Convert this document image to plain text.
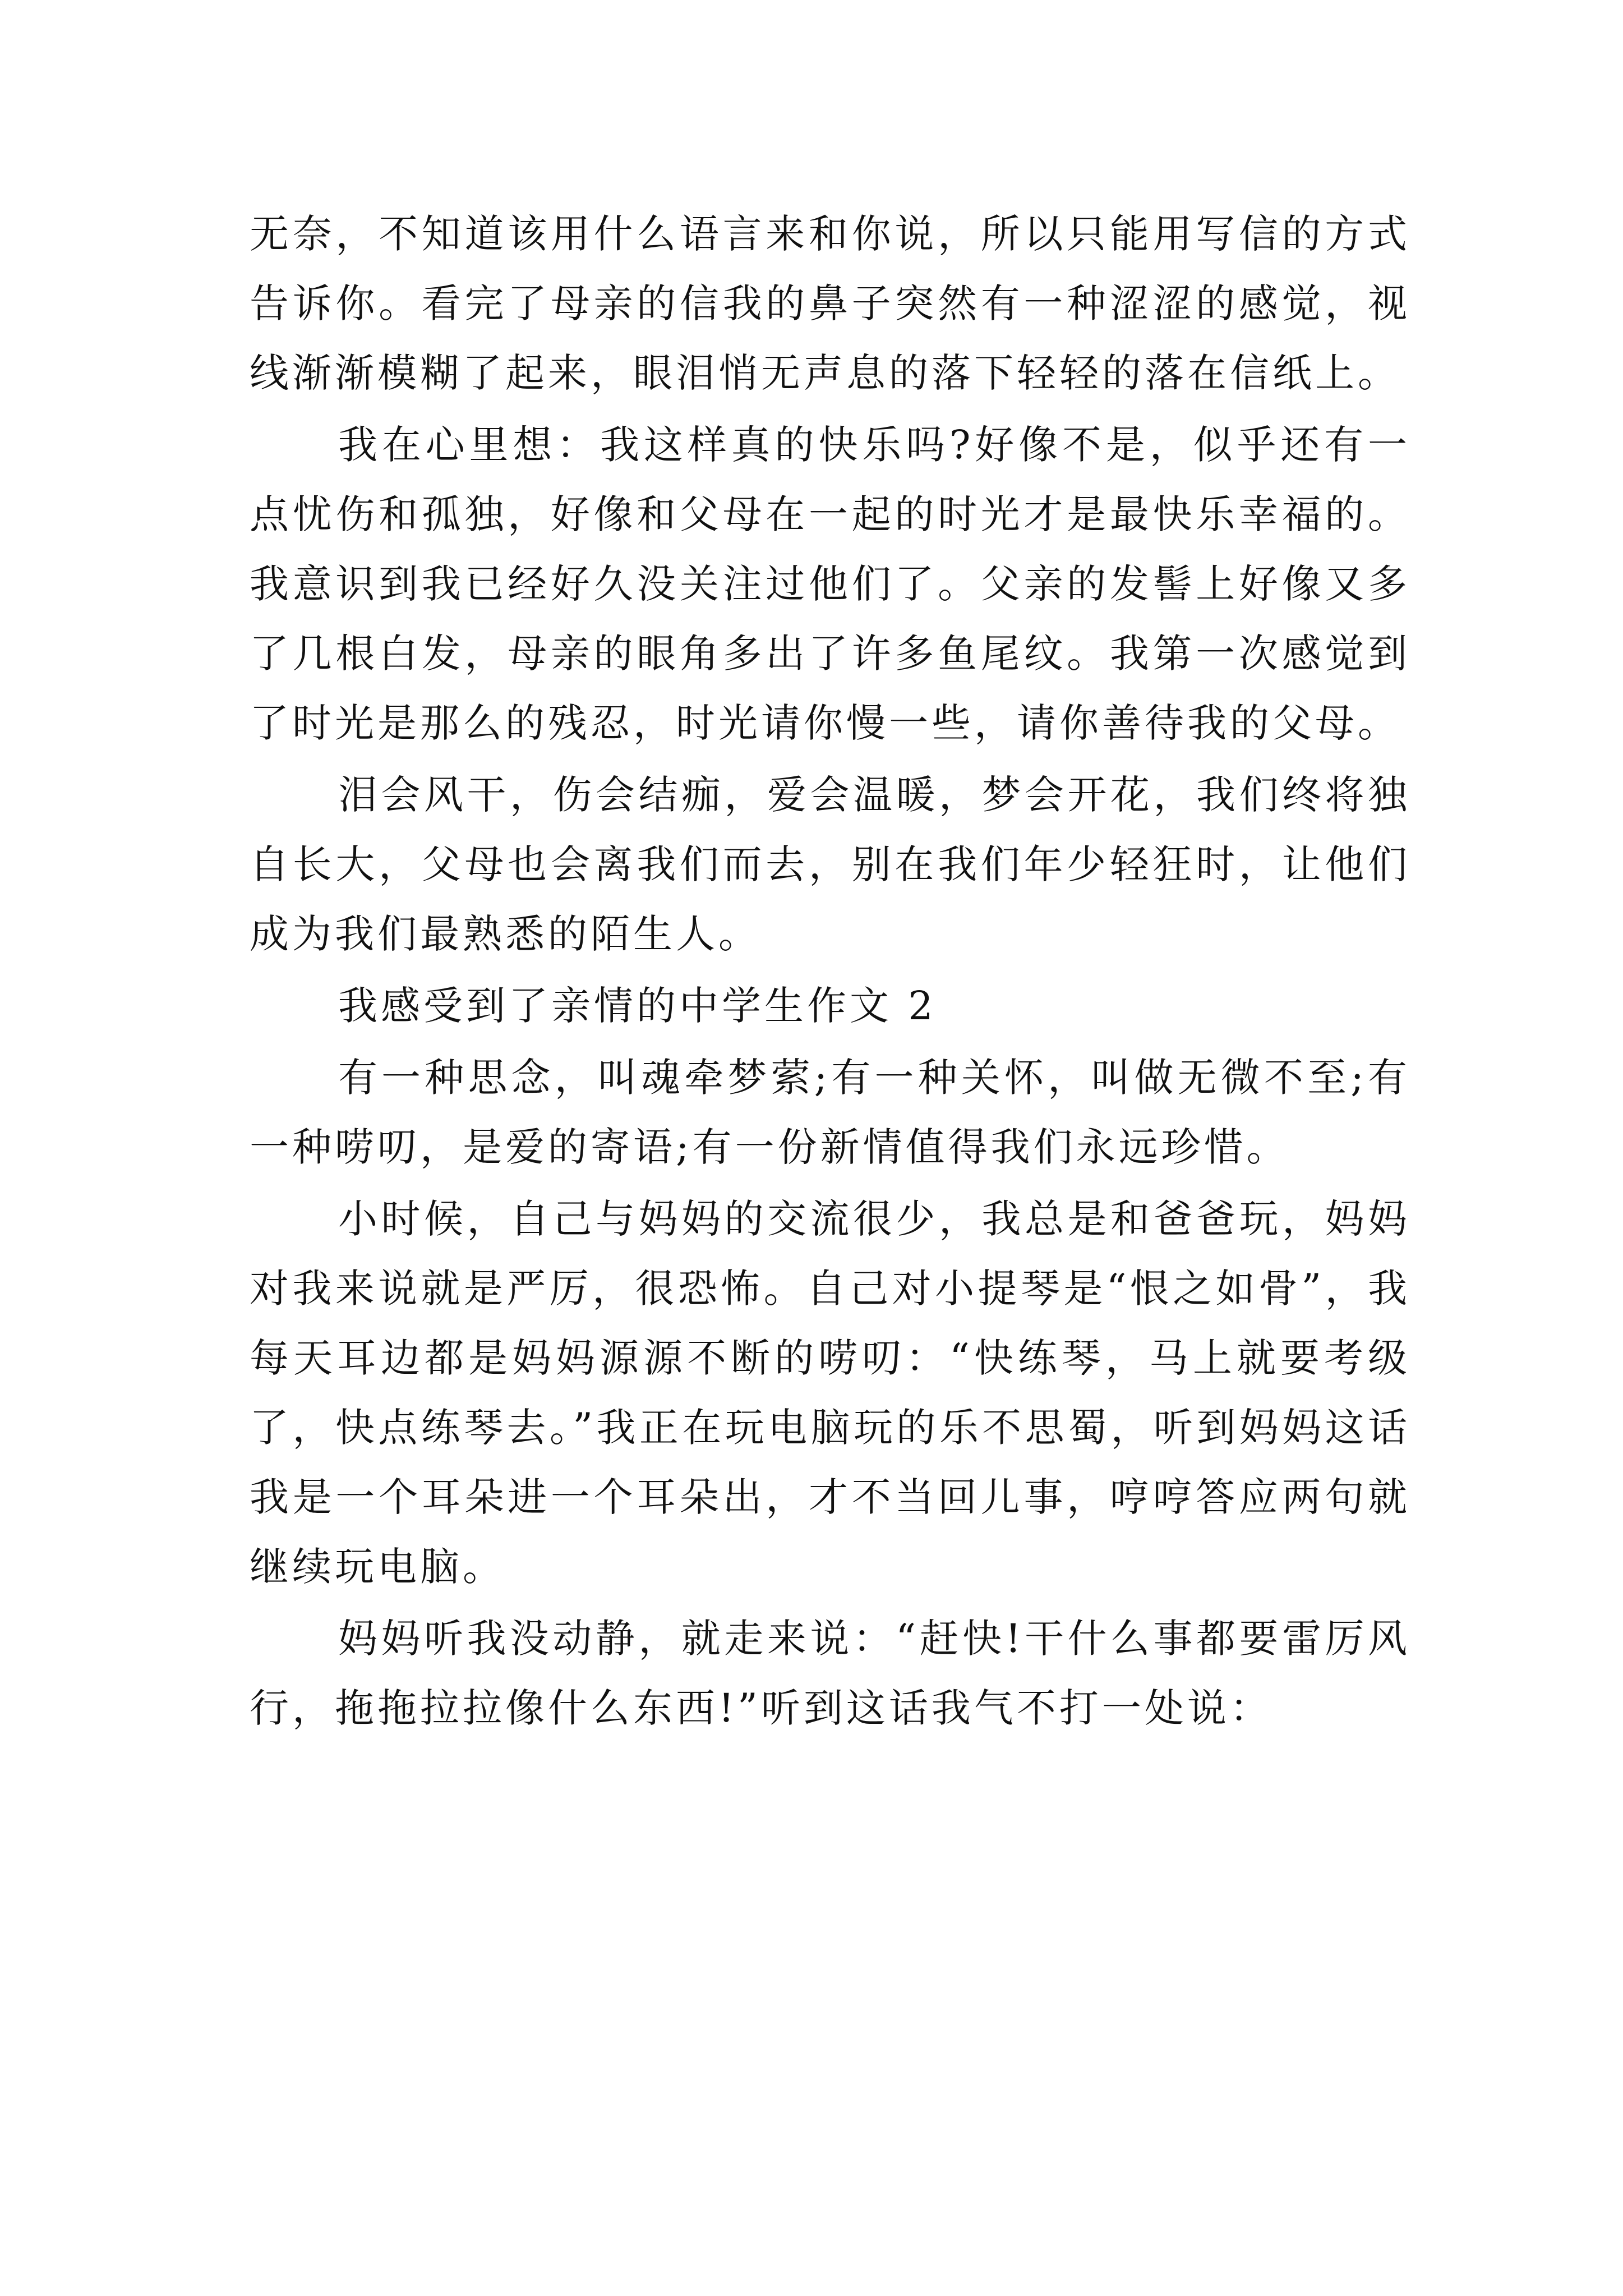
无奈，不知道该用什么语言来和你说，所以只能用写信的方式告诉你。看完了母亲的信我的鼻子突然有一种涩涩的感觉，视线渐渐模糊了起来，眼泪悄无声息的落下轻轻的落在信纸上。

我在心里想：我这样真的快乐吗?好像不是，似乎还有一点忧伤和孤独，好像和父母在一起的时光才是最快乐幸福的。我意识到我已经好久没关注过他们了。父亲的发髻上好像又多了几根白发，母亲的眼角多出了许多鱼尾纹。我第一次感觉到了时光是那么的残忍，时光请你慢一些，请你善待我的父母。

泪会风干，伤会结痂，爱会温暖，梦会开花，我们终将独自长大，父母也会离我们而去，别在我们年少轻狂时，让他们成为我们最熟悉的陌生人。

我感受到了亲情的中学生作文 2

有一种思念，叫魂牵梦萦;有一种关怀，叫做无微不至;有一种唠叨，是爱的寄语;有一份新情值得我们永远珍惜。

小时候，自己与妈妈的交流很少，我总是和爸爸玩，妈妈对我来说就是严厉，很恐怖。自己对小提琴是“恨之如骨”，我每天耳边都是妈妈源源不断的唠叨：“快练琴，马上就要考级了，快点练琴去。”我正在玩电脑玩的乐不思蜀，听到妈妈这话我是一个耳朵进一个耳朵出，才不当回儿事，哼哼答应两句就继续玩电脑。

妈妈听我没动静，就走来说：“赶快!干什么事都要雷厉风行，拖拖拉拉像什么东西!”听到这话我气不打一处说：
